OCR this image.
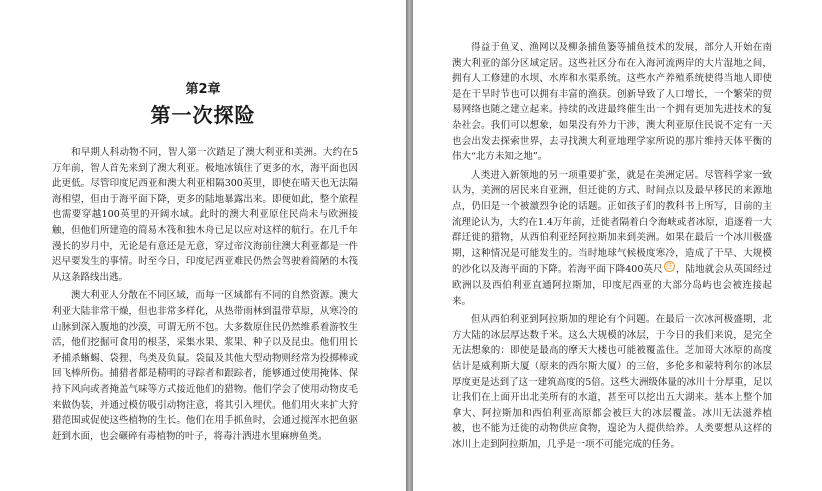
第2章
第一次探险

和早期人科动物不同，智人第一次踏足了澳大利亚和美洲。大约在5万年前，智人首先来到了澳大利亚。极地冰镇住了更多的水，海平面也因此更低。尽管印度尼西亚和澳大利亚相隔300英里，即使在晴天也无法隔海相望，但由于海平面下降，更多的陆地暴露出来。即便如此，整个旅程也需要穿越100英里的开阔水域。此时的澳大利亚原住民尚未与欧洲接触，但他们所建造的简易木筏和独木舟已足以应对这样的航行。在几千年漫长的岁月中，无论是有意还是无意，穿过帝汶海前往澳大利亚都是一件迟早要发生的事情。时至今日，印度尼西亚难民仍然会驾驶着简陋的木筏从这条路线出逃。

澳大利亚人分散在不同区域，而每一区域都有不同的自然资源。澳大利亚大陆非常干燥，但也非常多样化，从热带雨林到温带草原，从寒冷的山脉到深入腹地的沙漠，可谓无所不包。大多数原住民仍然维系着游牧生活，他们挖掘可食用的根茎，采集水果、浆果、种子以及昆虫。他们用长矛捕杀蜥蜴、袋狸、鸟类及负鼠。袋鼠及其他大型动物则经常为投掷棒或回飞棒所伤。捕猎者都是精明的寻踪者和跟踪者，能够通过使用掩体、保持下风向或者掩盖气味等方式接近他们的猎物。他们学会了使用动物皮毛来做伪装，并通过模仿吸引动物注意，将其引入埋伏。他们用火来扩大狩猎范围或促使这些植物的生长。他们在用手抓鱼时，会通过搅浑水把鱼驱赶到水面，也会碾碎有毒植物的叶子，将毒汁洒进水里麻痹鱼类。

得益于鱼叉、渔网以及柳条捕鱼篓等捕鱼技术的发展，部分人开始在南澳大利亚的部分区域定居。这些社区分布在入海河流两岸的大片湿地之间，拥有人工修建的水坝、水库和水渠系统。这些水产养殖系统使得当地人即使是在干旱时节也可以拥有丰富的渔获。创新导致了人口增长，一个繁荣的贸易网络也随之建立起来。持续的改进最终催生出一个拥有更加先进技术的复杂社会。我们可以想象，如果没有外力干涉，澳大利亚原住民说不定有一天也会出发去探索世界，去寻找澳大利亚地理学家所说的那片维持天体平衡的伟大“北方未知之地”。

人类进入新领地的另一项重要扩张，就是在美洲定居。尽管科学家一致认为，美洲的居民来自亚洲，但迁徙的方式、时间点以及最早移民的来源地点，仍旧是一个被激烈争论的话题。正如孩子们的教科书上所写，目前的主流理论认为，大约在1.4万年前，迁徙者隔着白令海峡或者冰原，追逐着一大群迁徙的猎物，从西伯利亚经阿拉斯加来到美洲。如果在最后一个冰川极盛期，这种情况是可能发生的。当时地球气候极度寒冷，造成了干旱、大规模的沙化以及海平面的下降。若海平面下降400英尺 注 ，陆地就会从英国经过欧洲以及西伯利亚直通阿拉斯加，印度尼西亚的大部分岛屿也会被连接起来。

但从西伯利亚到阿拉斯加的理论有个问题。在最后一次冰河极盛期，北方大陆的冰层厚达数千米。这么大规模的冰层，于今日的我们来说，是完全无法想象的：即使是最高的摩天大楼也可能被覆盖住。芝加哥大冰原的高度估计是威利斯大厦（原来的西尔斯大厦）的三倍，多伦多和蒙特利尔的冰层厚度更是达到了这一建筑高度的5倍。这些大洲级体量的冰川十分厚重，足以让我们在上面开出北美所有的水道，甚至可以挖出五大湖来。基本上整个加拿大、阿拉斯加和西伯利亚高原都会被巨大的冰层覆盖。冰川无法滋养植被，也不能为迁徙的动物供应食物，遑论为人提供给养。人类要想从这样的冰川上走到阿拉斯加，几乎是一项不可能完成的任务。
